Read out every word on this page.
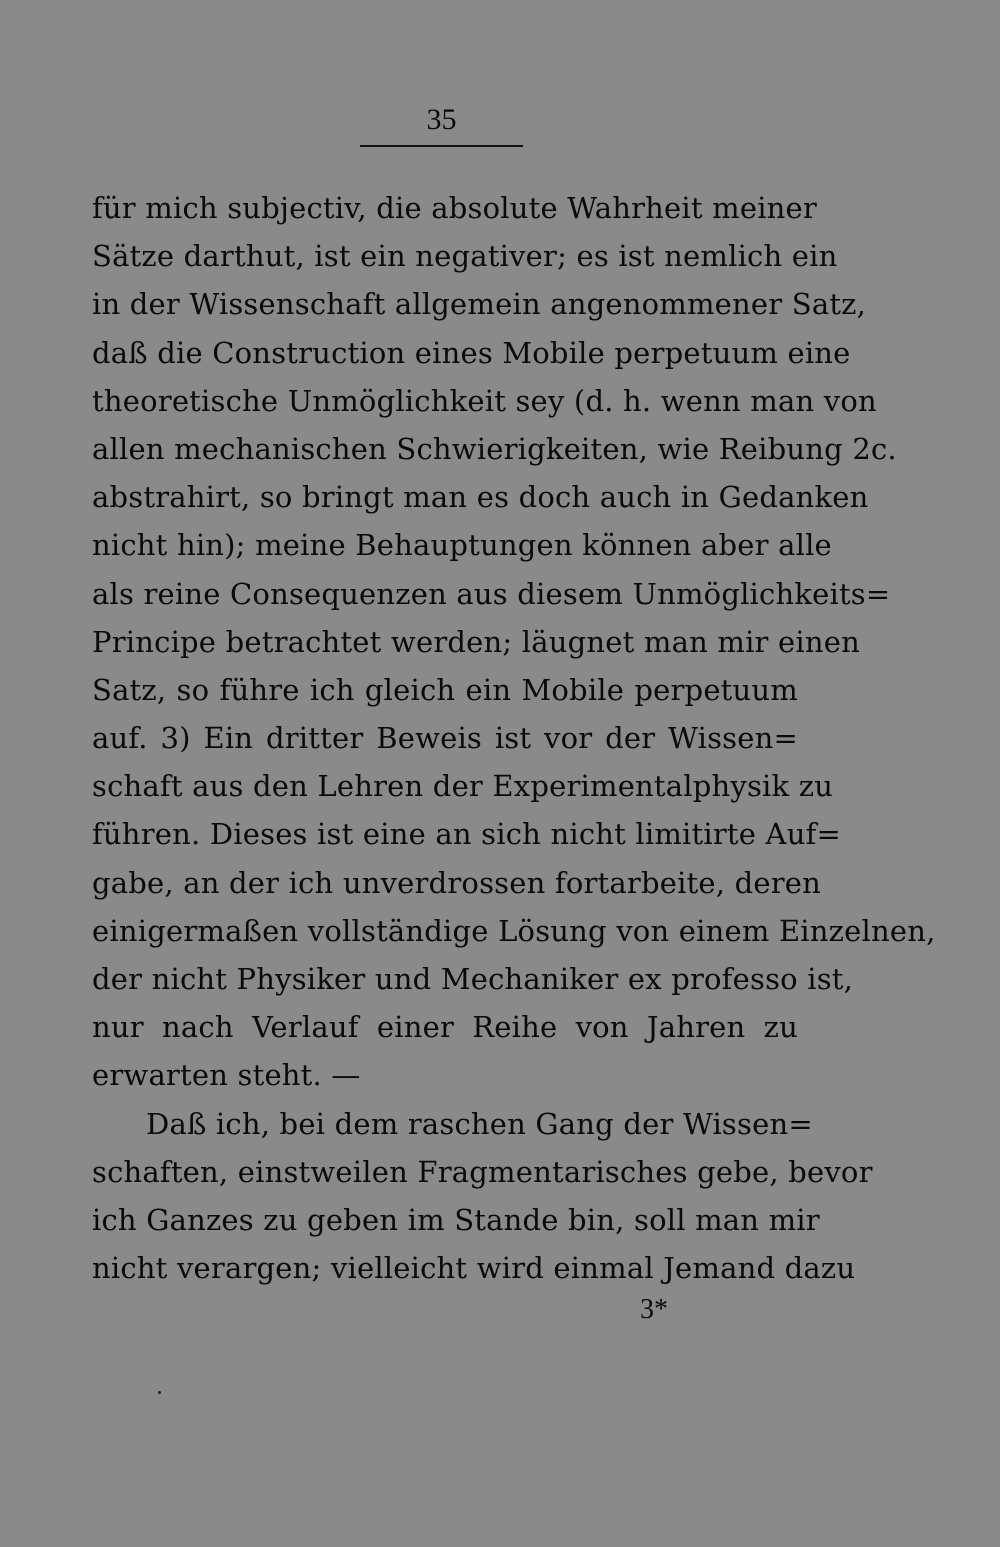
35
für mich subjectiv, die absolute Wahrheit meiner
Sätze darthut, ist ein negativer; es ist nemlich ein
in der Wissenschaft allgemein angenommener Satz,
daß die Construction eines Mobile perpetuum eine
theoretische Unmöglichkeit sey (d. h. wenn man von
allen mechanischen Schwierigkeiten, wie Reibung 2c.
abstrahirt, so bringt man es doch auch in Gedanken
nicht hin); meine Behauptungen können aber alle
als reine Consequenzen aus diesem Unmöglichkeits=
Principe betrachtet werden; läugnet man mir einen
Satz, so führe ich gleich ein Mobile perpetuum
auf. 3) Ein dritter Beweis ist vor der Wissen=
schaft aus den Lehren der Experimentalphysik zu
führen. Dieses ist eine an sich nicht limitirte Auf=
gabe, an der ich unverdrossen fortarbeite, deren
einigermaßen vollständige Lösung von einem Einzelnen,
der nicht Physiker und Mechaniker ex professo ist,
nur nach Verlauf einer Reihe von Jahren zu
erwarten steht. —
Daß ich, bei dem raschen Gang der Wissen=
schaften, einstweilen Fragmentarisches gebe, bevor
ich Ganzes zu geben im Stande bin, soll man mir
nicht verargen; vielleicht wird einmal Jemand dazu
3*
